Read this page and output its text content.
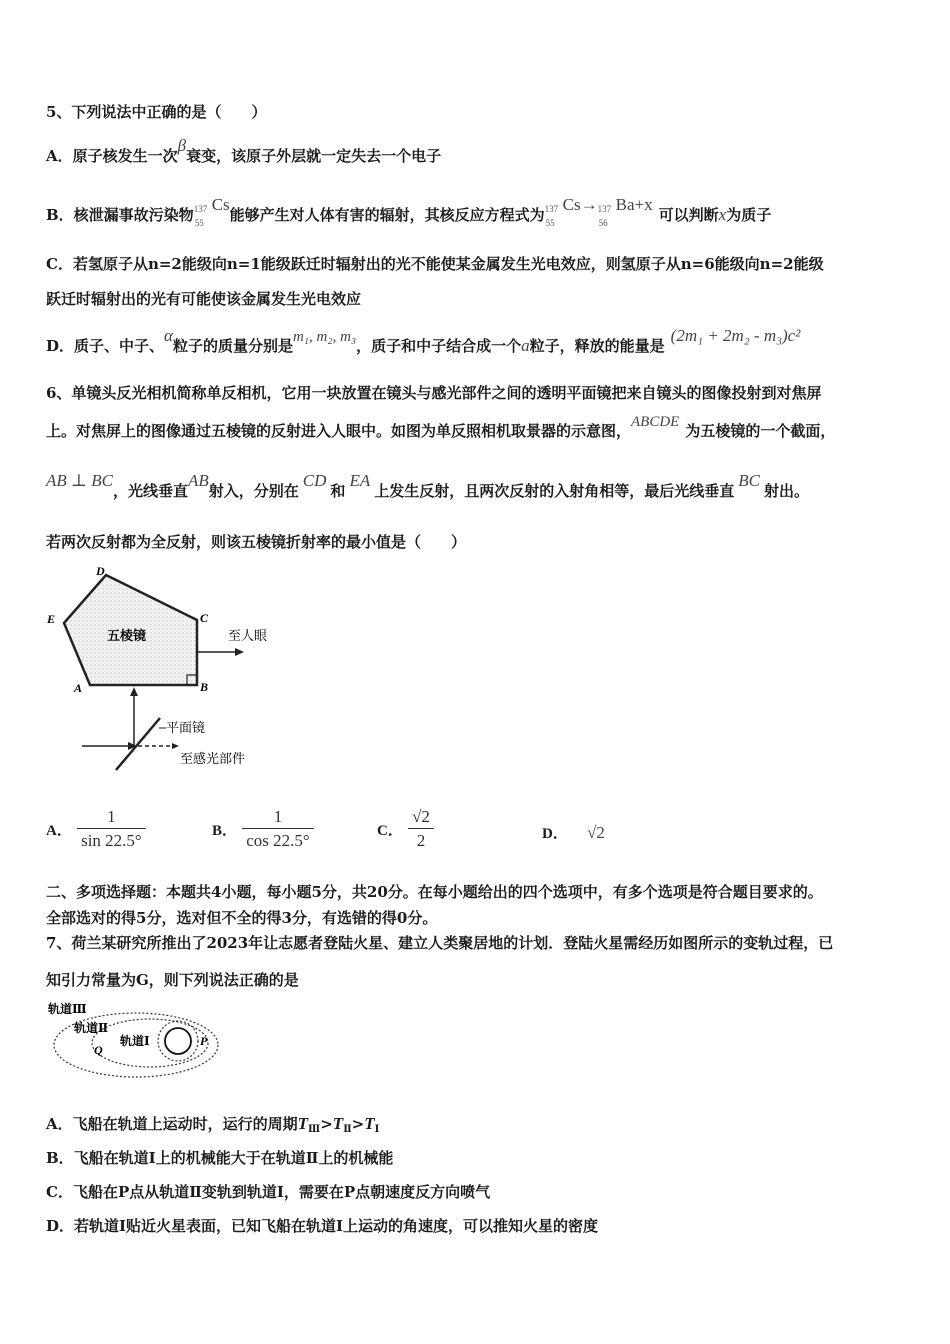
5、下列说法中正确的是（　　）
A．原子核发生一次β衰变，该原子外层就一定失去一个电子
B．核泄漏事故污染物 137
55
Cs能够产生对人体有害的辐射，其核反应方程式为 137
55
Cs→ 137
56
Ba+x可以判断x为质子
C．若氢原子从n=2能级向n=1能级跃迁时辐射出的光不能使某金属发生光电效应，则氢原子从n=6能级向n=2能级
跃迁时辐射出的光有可能使该金属发生光电效应
D．质子、中子、α粒子的质量分别是m₁, m₂, m₃，质子和中子结合成一个a粒子，释放的能量是(2m₁ + 2m₂ - m₃)c²
6、单镜头反光相机简称单反相机，它用一块放置在镜头与感光部件之间的透明平面镜把来自镜头的图像投射到对焦屏
上。对焦屏上的图像通过五棱镜的反射进入人眼中。如图为单反照相机取景器的示意图，ABCDE 为五棱镜的一个截面，
AB ⊥ BC，光线垂直AB射入，分别在CD和EA上发生反射，且两次反射的入射角相等，最后光线垂直BC射出。
若两次反射都为全反射，则该五棱镜折射率的最小值是（　　）
D
E	C
A	B
五棱镜	至人眼
平面镜
至感光部件
A． $\frac{1}{\sin 22.5^\circ}$	B． $\frac{1}{\cos 22.5^\circ}$	C． $\frac{√2}{2}$	D． √2
二、多项选择题：本题共4小题，每小题5分，共20分。在每小题给出的四个选项中，有多个选项是符合题目要求的。
全部选对的得5分，选对但不全的得3分，有选错的得0分。
7、荷兰某研究所推出了2023年让志愿者登陆火星、建立人类聚居地的计划．登陆火星需经历如图所示的变轨过程，已
知引力常量为G，则下列说法正确的是
轨道Ⅲ
轨道Ⅱ
轨道Ⅰ
Q
P
A．飞船在轨道上运动时，运行的周期$T_Ⅲ>T_Ⅱ>T_Ⅰ$
B．飞船在轨道Ⅰ上的机械能大于在轨道Ⅱ上的机械能
C．飞船在P点从轨道Ⅱ变轨到轨道Ⅰ，需要在P点朝速度反方向喷气
D．若轨道Ⅰ贴近火星表面，已知飞船在轨道Ⅰ上运动的角速度，可以推知火星的密度
